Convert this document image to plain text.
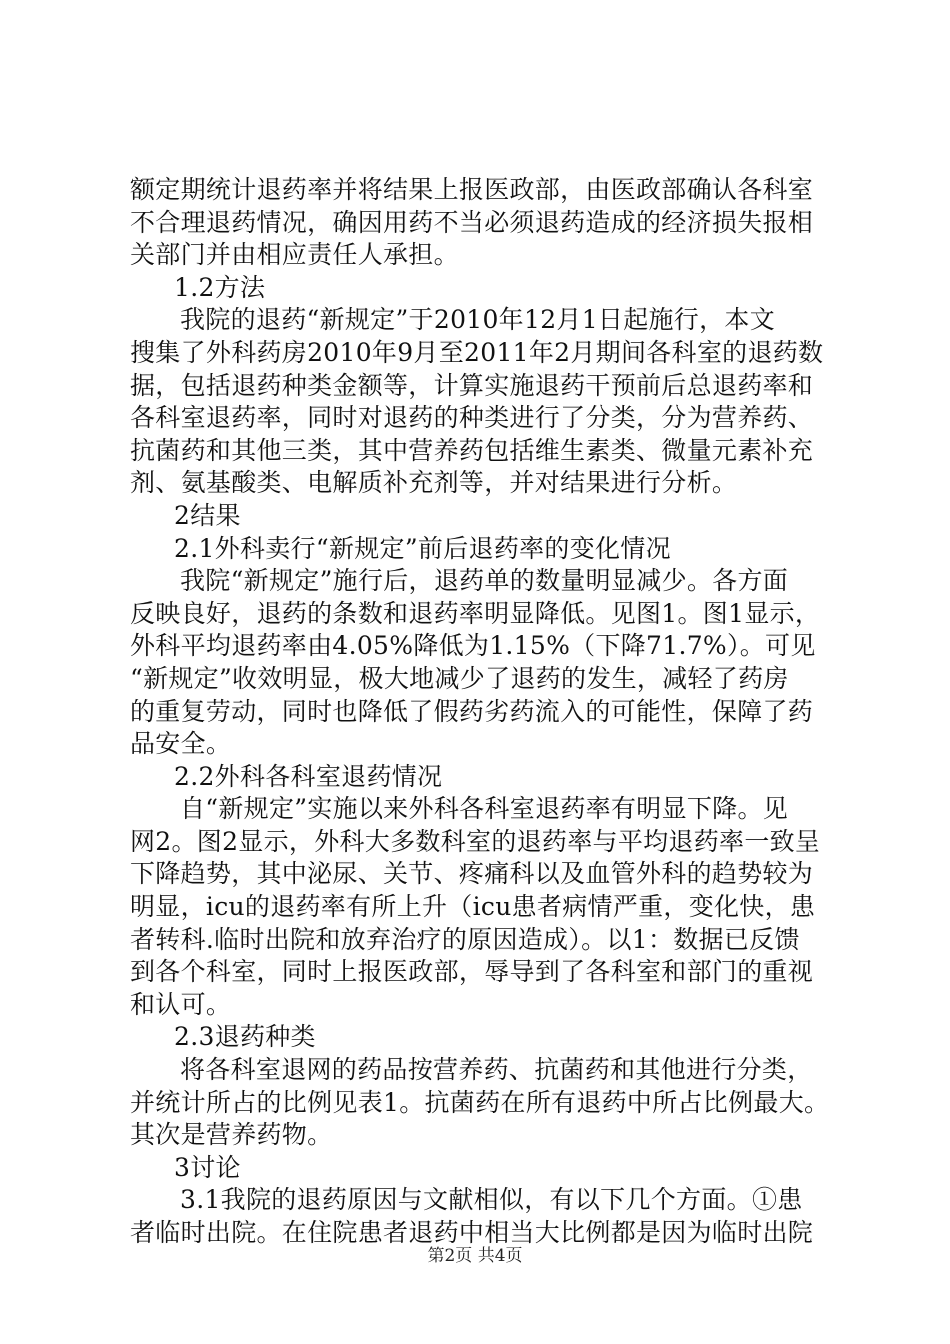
额定期统计退药率并将结果上报医政部，由医政部确认各科室
不合理退药情况，确因用药不当必须退药造成的经济损失报相
关部门并由相应责任人承担。
1.2方法
我院的退药“新规定”于2010年12月1日起施行，本文
搜集了外科药房2010年9月至2011年2月期间各科室的退药数
据，包括退药种类金额等，计算实施退药干预前后总退药率和
各科室退药率，同时对退药的种类进行了分类，分为营养药、
抗菌药和其他三类，其中营养药包括维生素类、微量元素补充
剂、氨基酸类、电解质补充剂等，并对结果进行分析。
2结果
2.1外科卖行“新规定”前后退药率的变化情况
我院“新规定”施行后，退药单的数量明显减少。各方面
反映良好，退药的条数和退药率明显降低。见图1。图1显示，
外科平均退药率由4.05%降低为1.15%（下降71.7%）。可见
“新规定”收效明显，极大地减少了退药的发生，减轻了药房
的重复劳动，同时也降低了假药劣药流入的可能性，保障了药
品安全。
2.2外科各科室退药情况
自“新规定”实施以来外科各科室退药率有明显下降。见
网2。图2显示，外科大多数科室的退药率与平均退药率一致呈
下降趋势，其中泌尿、关节、疼痛科以及血管外科的趋势较为
明显，icu的退药率有所上升（icu患者病情严重，变化快，患
者转科.临时出院和放弃治疗的原因造成）。以1：数据已反馈
到各个科室，同时上报医政部，辱导到了各科室和部门的重视
和认可。
2.3退药种类
将各科室退网的药品按营养药、抗菌药和其他进行分类，
并统计所占的比例见表1。抗菌药在所有退药中所占比例最大。
其次是营养药物。
3讨论
3.1我院的退药原因与文献相似，有以下几个方面。①患
者临时出院。在住院患者退药中相当大比例都是因为临时出院
第2页 共4页
